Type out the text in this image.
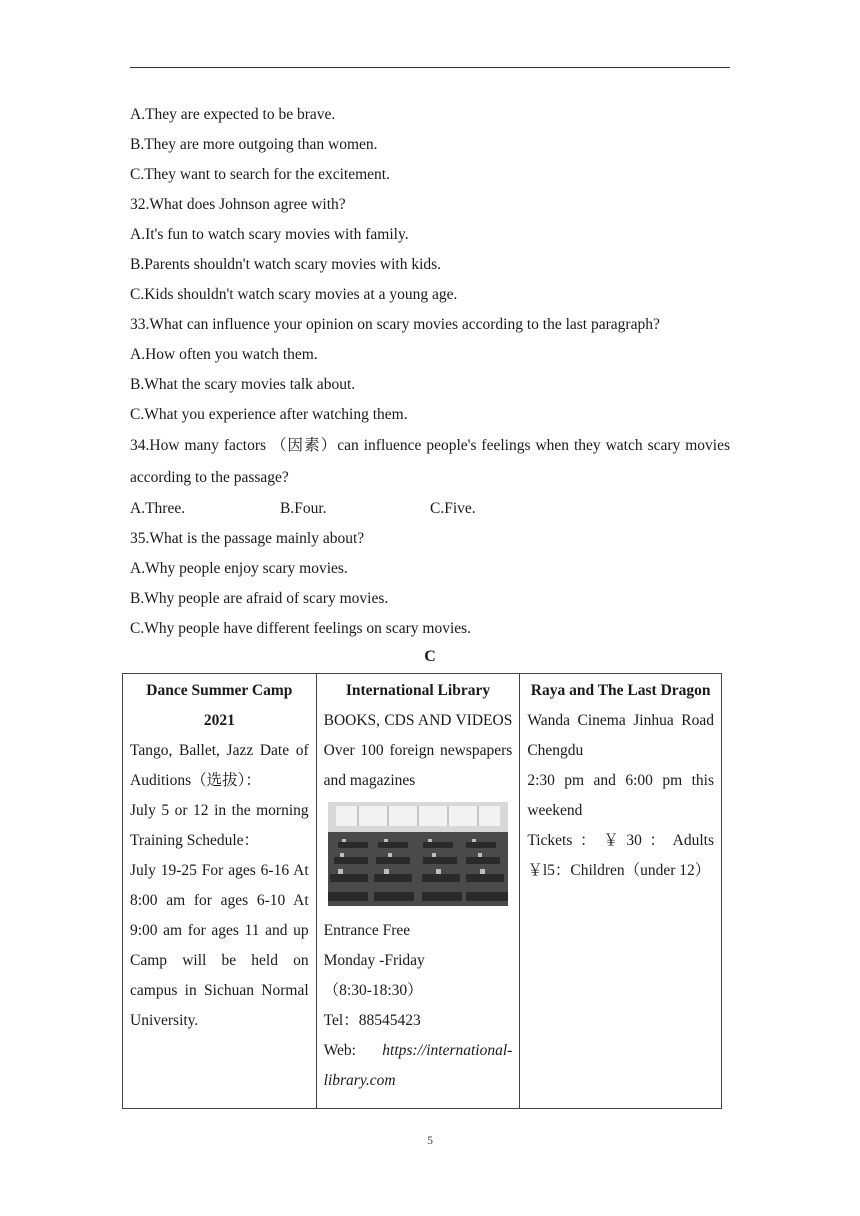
A.They are expected to be brave.
B.They are more outgoing than women.
C.They want to search for the excitement.
32.What does Johnson agree with?
A.It's fun to watch scary movies with family.
B.Parents shouldn't watch scary movies with kids.
C.Kids shouldn't watch scary movies at a young age.
33.What can influence your opinion on scary movies according to the last paragraph?
A.How often you watch them.
B.What the scary movies talk about.
C.What you experience after watching them.
34.How many factors （因素）can influence people's feelings when they watch scary movies according to the passage?
A.Three.	B.Four.	C.Five.
35.What is the passage mainly about?
A.Why people enjoy scary movies.
B.Why people are afraid of scary movies.
C.Why people have different feelings on scary movies.
C
Dance Summer Camp 2021
Tango, Ballet, Jazz Date of Auditions（选拔）：
July 5 or 12 in the morning Training Schedule：
July 19-25 For ages 6-16 At 8:00 am for ages 6-10 At 9:00 am for ages 11 and up Camp will be held on campus in Sichuan Normal University.

International Library
BOOKS, CDS AND VIDEOS Over 100 foreign newspapers and magazines
Entrance Free
Monday -Friday
（8:30-18:30）
Tel：88545423
Web: https://international-library.com

Raya and The Last Dragon
Wanda Cinema Jinhua Road Chengdu
2:30 pm and 6:00 pm this weekend
Tickets：￥30：Adults ￥l5：Children（under 12）
5
